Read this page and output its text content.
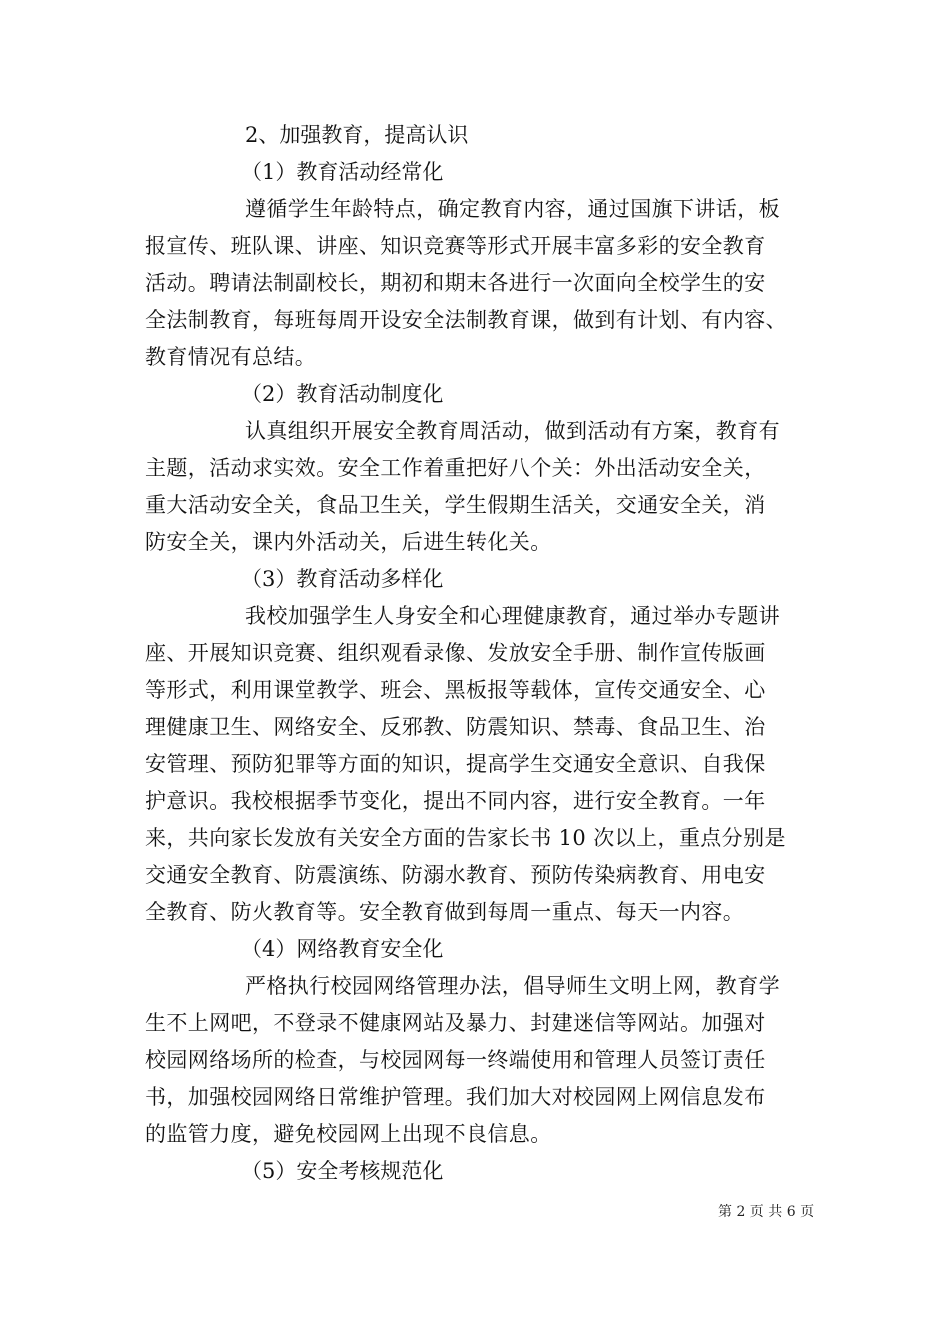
2、加强教育，提高认识
（1）教育活动经常化
遵循学生年龄特点，确定教育内容，通过国旗下讲话，板
报宣传、班队课、讲座、知识竞赛等形式开展丰富多彩的安全教育
活动。聘请法制副校长，期初和期末各进行一次面向全校学生的安
全法制教育，每班每周开设安全法制教育课，做到有计划、有内容、
教育情况有总结。
（2）教育活动制度化
认真组织开展安全教育周活动，做到活动有方案，教育有
主题，活动求实效。安全工作着重把好八个关：外出活动安全关，
重大活动安全关，食品卫生关，学生假期生活关，交通安全关，消
防安全关，课内外活动关，后进生转化关。
（3）教育活动多样化
我校加强学生人身安全和心理健康教育，通过举办专题讲
座、开展知识竞赛、组织观看录像、发放安全手册、制作宣传版画
等形式，利用课堂教学、班会、黑板报等载体，宣传交通安全、心
理健康卫生、网络安全、反邪教、防震知识、禁毒、食品卫生、治
安管理、预防犯罪等方面的知识，提高学生交通安全意识、自我保
护意识。我校根据季节变化，提出不同内容，进行安全教育。一年
来，共向家长发放有关安全方面的告家长书 10 次以上，重点分别是
交通安全教育、防震演练、防溺水教育、预防传染病教育、用电安
全教育、防火教育等。安全教育做到每周一重点、每天一内容。
（4）网络教育安全化
严格执行校园网络管理办法，倡导师生文明上网，教育学
生不上网吧，不登录不健康网站及暴力、封建迷信等网站。加强对
校园网络场所的检查，与校园网每一终端使用和管理人员签订责任
书，加强校园网络日常维护管理。我们加大对校园网上网信息发布
的监管力度，避免校园网上出现不良信息。
（5）安全考核规范化
第 2 页 共 6 页
